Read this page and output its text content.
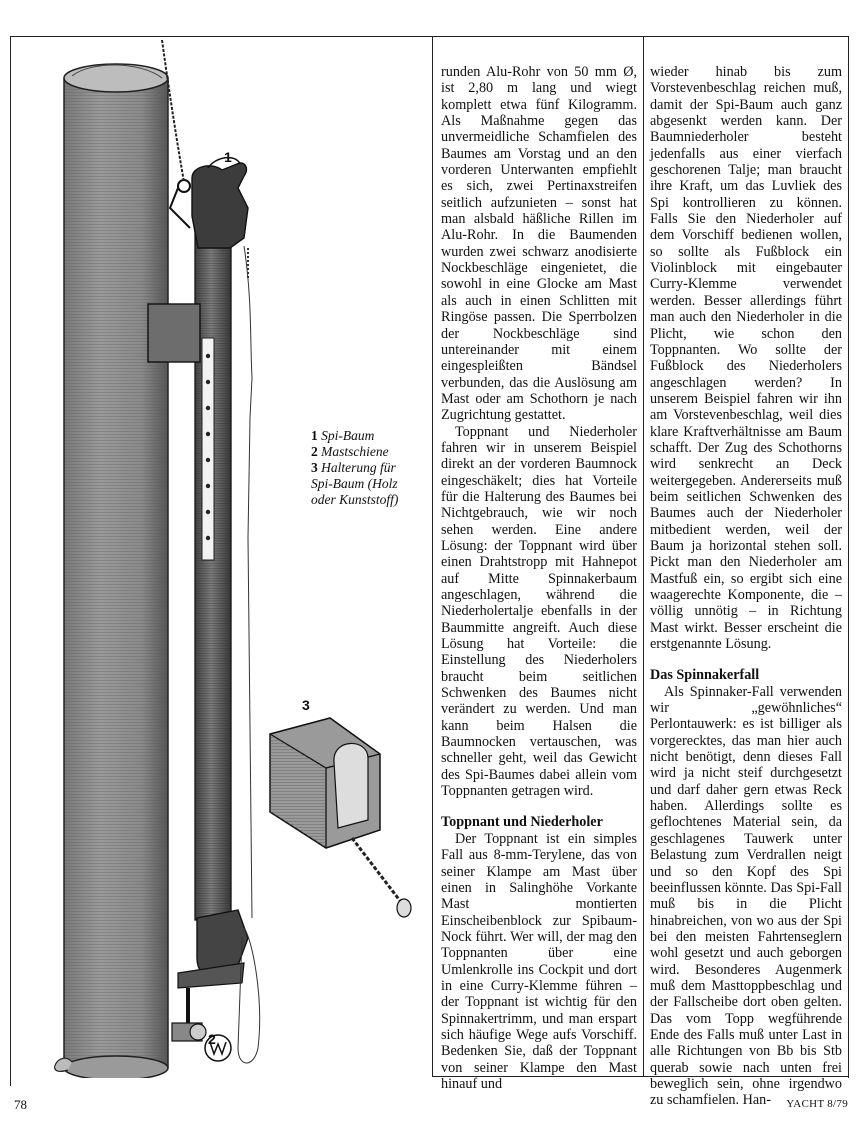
1
2
3
1 Spi-Baum
2 Mastschiene
3 Halterung für
Spi-Baum (Holz
oder Kunststoff)

runden Alu-Rohr von 50 mm Ø, ist 2,80 m lang und wiegt komplett etwa fünf Kilogramm. Als Maßnahme gegen das unvermeidliche Schamfielen des Baumes am Vorstag und an den vorderen Unterwanten empfiehlt es sich, zwei Pertinaxstreifen seitlich aufzunieten – sonst hat man alsbald häßliche Rillen im Alu-Rohr. In die Baumenden wurden zwei schwarz anodisierte Nockbeschläge eingenietet, die sowohl in eine Glocke am Mast als auch in einen Schlitten mit Ringöse passen. Die Sperrbolzen der Nockbeschläge sind untereinander mit einem eingespleißten Bändsel verbunden, das die Auslösung am Mast oder am Schothorn je nach Zugrichtung gestattet.

Toppnant und Niederholer fahren wir in unserem Beispiel direkt an der vorderen Baumnock eingeschäkelt; dies hat Vorteile für die Halterung des Baumes bei Nichtgebrauch, wie wir noch sehen werden. Eine andere Lösung: der Toppnant wird über einen Drahtstropp mit Hahnepot auf Mitte Spinnakerbaum angeschlagen, während die Niederholertalje ebenfalls in der Baummitte angreift. Auch diese Lösung hat Vorteile: die Einstellung des Niederholers braucht beim seitlichen Schwenken des Baumes nicht verändert zu werden. Und man kann beim Halsen die Baumnocken vertauschen, was schneller geht, weil das Gewicht des Spi-Baumes dabei allein vom Toppnanten getragen wird.

Toppnant und Niederholer

Der Toppnant ist ein simples Fall aus 8-mm-Terylene, das von seiner Klampe am Mast über einen in Salinghöhe Vorkante Mast montierten Einscheibenblock zur Spibaum-Nock führt. Wer will, der mag den Toppnanten über eine Umlenkrolle ins Cockpit und dort in eine Curry-Klemme führen – der Toppnant ist wichtig für den Spinnakertrimm, und man erspart sich häufige Wege aufs Vorschiff. Bedenken Sie, daß der Toppnant von seiner Klampe den Mast hinauf und

wieder hinab bis zum Vorstevenbeschlag reichen muß, damit der Spi-Baum auch ganz abgesenkt werden kann. Der Baumniederholer besteht jedenfalls aus einer vierfach geschorenen Talje; man braucht ihre Kraft, um das Luvliek des Spi kontrollieren zu können. Falls Sie den Niederholer auf dem Vorschiff bedienen wollen, so sollte als Fußblock ein Violinblock mit eingebauter Curry-Klemme verwendet werden. Besser allerdings führt man auch den Niederholer in die Plicht, wie schon den Toppnanten. Wo sollte der Fußblock des Niederholers angeschlagen werden? In unserem Beispiel fahren wir ihn am Vorstevenbeschlag, weil dies klare Kraftverhältnisse am Baum schafft. Der Zug des Schothorns wird senkrecht an Deck weitergegeben. Andererseits muß beim seitlichen Schwenken des Baumes auch der Niederholer mitbedient werden, weil der Baum ja horizontal stehen soll. Pickt man den Niederholer am Mastfuß ein, so ergibt sich eine waagerechte Komponente, die – völlig unnötig – in Richtung Mast wirkt. Besser erscheint die erstgenannte Lösung.

Das Spinnakerfall

Als Spinnaker-Fall verwenden wir „gewöhnliches“ Perlontauwerk: es ist billiger als vorgerecktes, das man hier auch nicht benötigt, denn dieses Fall wird ja nicht steif durchgesetzt und darf daher gern etwas Reck haben. Allerdings sollte es geflochtenes Material sein, da geschlagenes Tauwerk unter Belastung zum Verdrallen neigt und so den Kopf des Spi beeinflussen könnte. Das Spi-Fall muß bis in die Plicht hinabreichen, von wo aus der Spi bei den meisten Fahrtenseglern wohl gesetzt und auch geborgen wird. Besonderes Augenmerk muß dem Masttoppbeschlag und der Fallscheibe dort oben gelten. Das vom Topp wegführende Ende des Falls muß unter Last in alle Richtungen von Bb bis Stb querab sowie nach unten frei beweglich sein, ohne irgendwo zu schamfielen. Han-

78	YACHT 8/79
